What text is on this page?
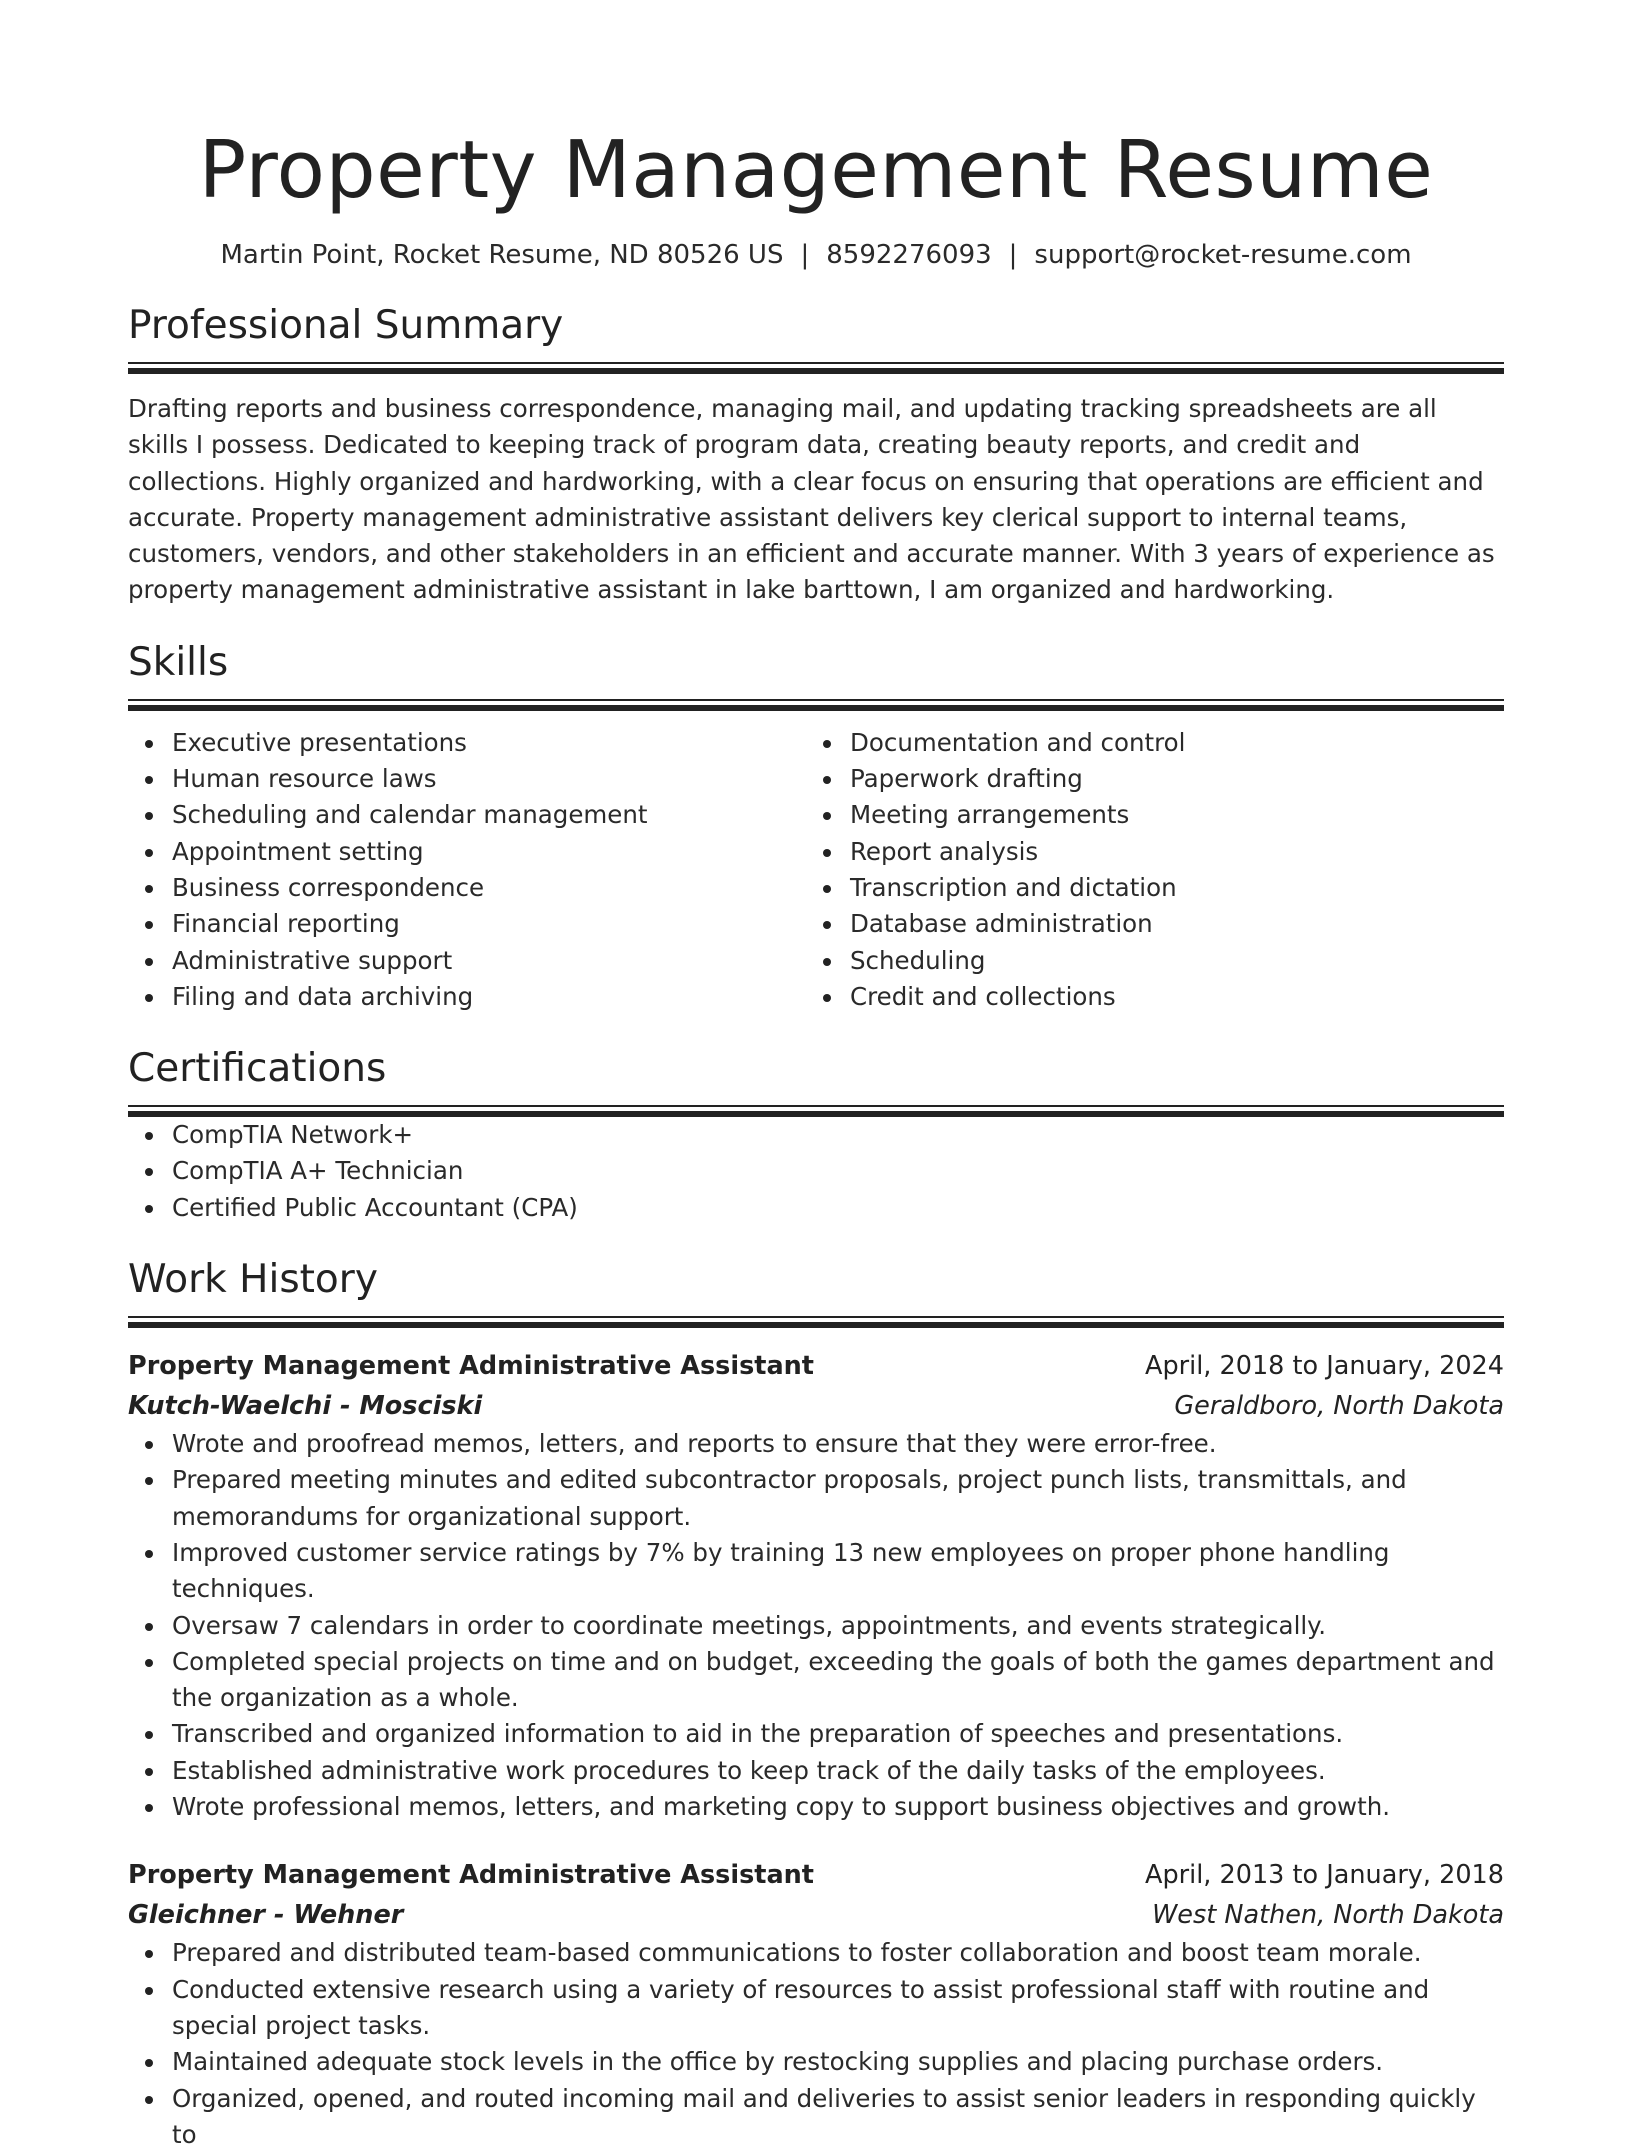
Property Management Resume
Martin Point, Rocket Resume, ND 80526 US | 8592276093 | support@rocket-resume.com
Professional Summary

Drafting reports and business correspondence, managing mail, and updating tracking spreadsheets are all skills I possess. Dedicated to keeping track of program data, creating beauty reports, and credit and collections. Highly organized and hardworking, with a clear focus on ensuring that operations are efficient and accurate. Property management administrative assistant delivers key clerical support to internal teams, customers, vendors, and other stakeholders in an efficient and accurate manner. With 3 years of experience as property management administrative assistant in lake barttown, I am organized and hardworking.

Skills
Executive presentations
Human resource laws
Scheduling and calendar management
Appointment setting
Business correspondence
Financial reporting
Administrative support
Filing and data archiving
Documentation and control
Paperwork drafting
Meeting arrangements
Report analysis
Transcription and dictation
Database administration
Scheduling
Credit and collections
Certifications
CompTIA Network+
CompTIA A+ Technician
Certified Public Accountant (CPA)
Work History
Property Management Administrative Assistant	April, 2018 to January, 2024
Kutch-Waelchi - Mosciski	Geraldboro, North Dakota
Wrote and proofread memos, letters, and reports to ensure that they were error-free.
Prepared meeting minutes and edited subcontractor proposals, project punch lists, transmittals, and memorandums for organizational support.
Improved customer service ratings by 7% by training 13 new employees on proper phone handling techniques.
Oversaw 7 calendars in order to coordinate meetings, appointments, and events strategically.
Completed special projects on time and on budget, exceeding the goals of both the games department and the organization as a whole.
Transcribed and organized information to aid in the preparation of speeches and presentations.
Established administrative work procedures to keep track of the daily tasks of the employees.
Wrote professional memos, letters, and marketing copy to support business objectives and growth.
Property Management Administrative Assistant	April, 2013 to January, 2018
Gleichner - Wehner	West Nathen, North Dakota
Prepared and distributed team-based communications to foster collaboration and boost team morale.
Conducted extensive research using a variety of resources to assist professional staff with routine and special project tasks.
Maintained adequate stock levels in the office by restocking supplies and placing purchase orders.
Organized, opened, and routed incoming mail and deliveries to assist senior leaders in responding quickly to
